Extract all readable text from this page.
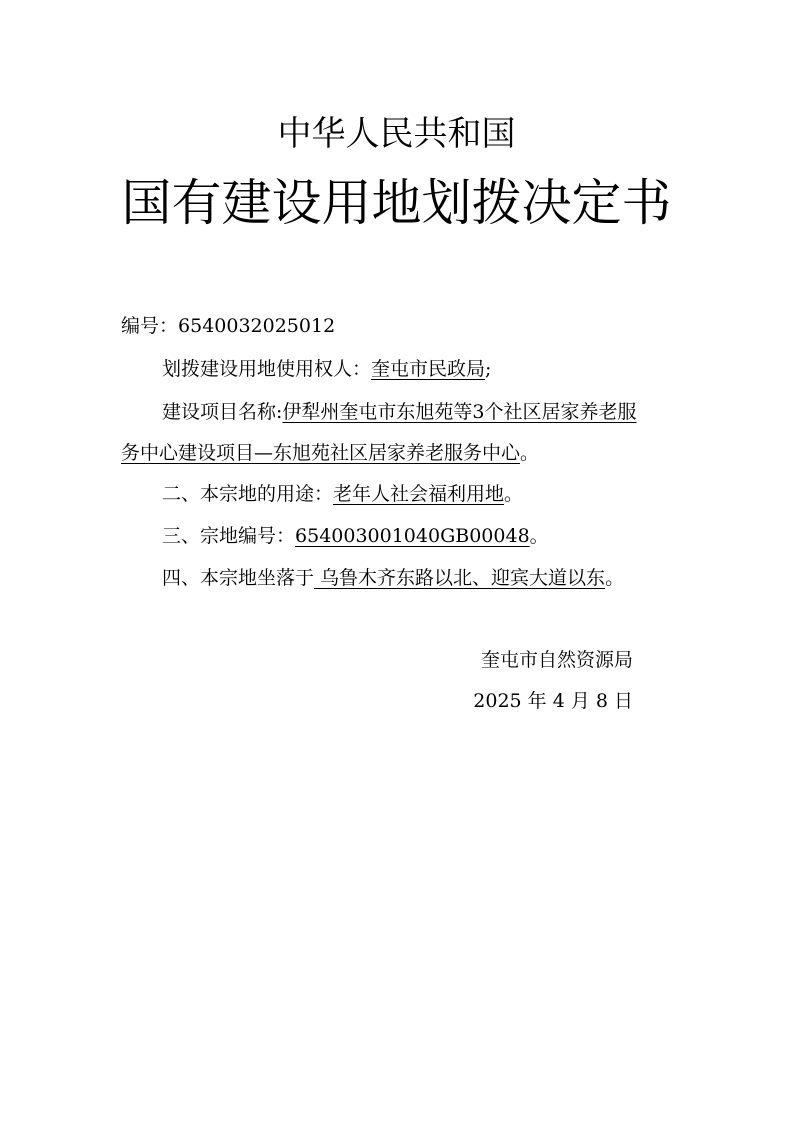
中华人民共和国
国有建设用地划拨决定书
编号：6540032025012
划拨建设用地使用权人：奎屯市民政局;
建设项目名称:伊犁州奎屯市东旭苑等3个社区居家养老服
务中心建设项目—东旭苑社区居家养老服务中心。
二、本宗地的用途：老年人社会福利用地。
三、宗地编号：654003001040GB00048。
四、本宗地坐落于 乌鲁木齐东路以北、迎宾大道以东。
奎屯市自然资源局
2025 年 4 月 8 日
